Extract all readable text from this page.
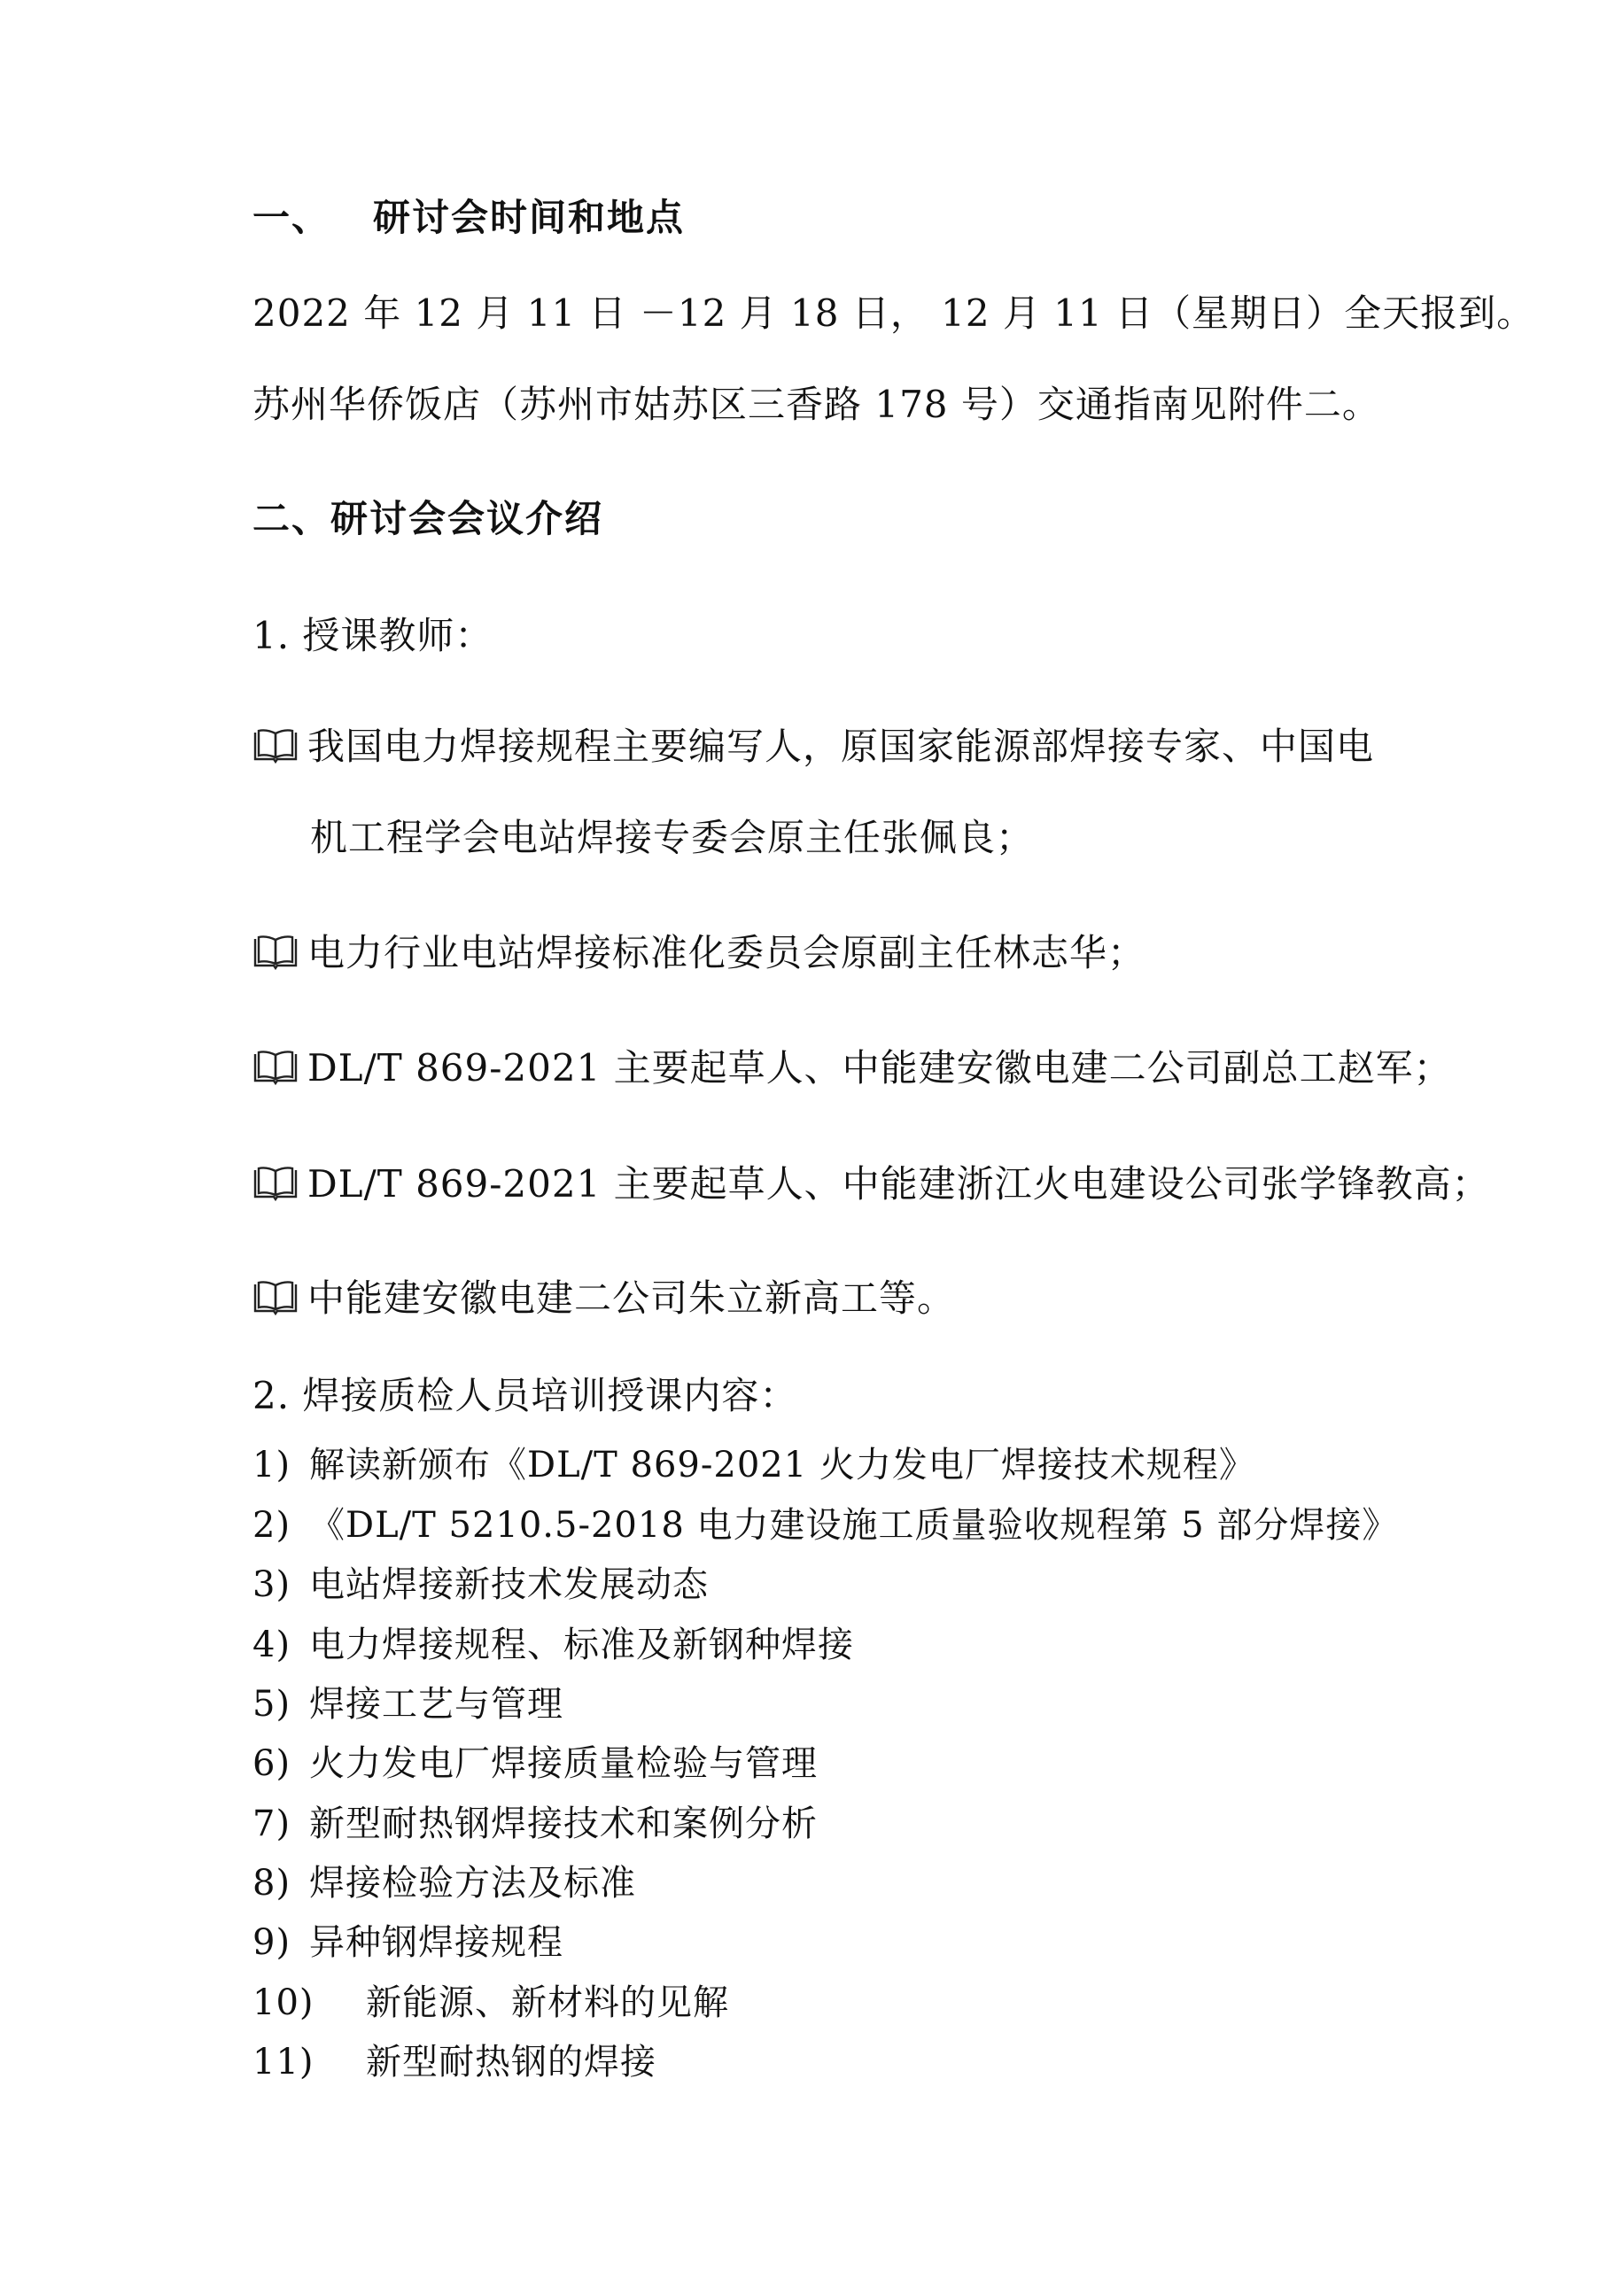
一、 研讨会时间和地点
2022 年 12 月 11 日 －12 月 18 日， 12 月 11 日（星期日）全天报到。
苏州华侨饭店（苏州市姑苏区三香路 178 号）交通指南见附件二。
二、研讨会会议介绍
1. 授课教师：
我国电力焊接规程主要编写人，原国家能源部焊接专家、中国电
机工程学会电站焊接专委会原主任张佩良；
电力行业电站焊接标准化委员会原副主任林志华；
DL/T 869-2021 主要起草人、中能建安徽电建二公司副总工赵军；
DL/T 869-2021 主要起草人、中能建浙江火电建设公司张学锋教高；
中能建安徽电建二公司朱立新高工等。
2. 焊接质检人员培训授课内容：
1) 解读新颁布《DL/T 869-2021 火力发电厂焊接技术规程》
2) 《DL/T 5210.5-2018 电力建设施工质量验收规程第 5 部分焊接》
3) 电站焊接新技术发展动态
4) 电力焊接规程、标准及新钢种焊接
5) 焊接工艺与管理
6) 火力发电厂焊接质量检验与管理
7) 新型耐热钢焊接技术和案例分析
8) 焊接检验方法及标准
9) 异种钢焊接规程
10) 新能源、新材料的见解
11) 新型耐热钢的焊接
